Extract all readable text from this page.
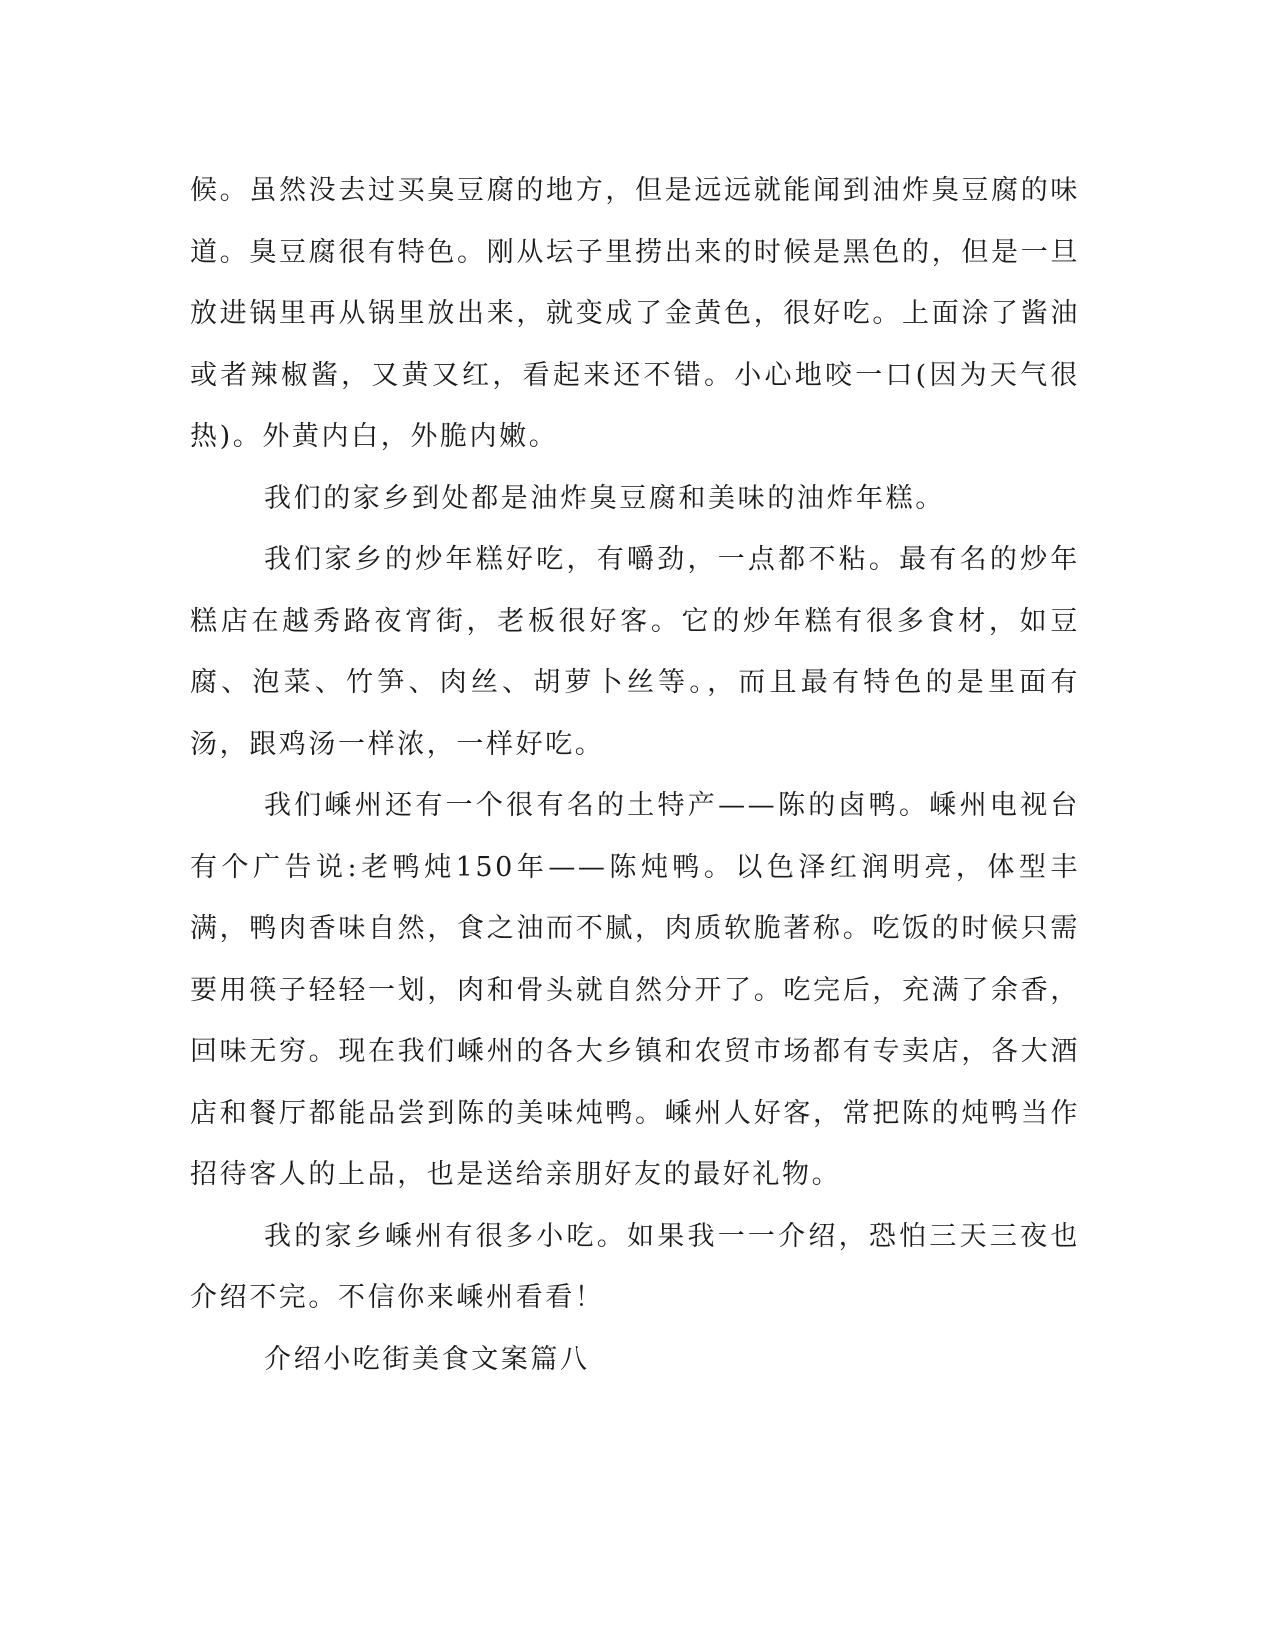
候。虽然没去过买臭豆腐的地方，但是远远就能闻到油炸臭豆腐的味道。臭豆腐很有特色。刚从坛子里捞出来的时候是黑色的，但是一旦放进锅里再从锅里放出来，就变成了金黄色，很好吃。上面涂了酱油或者辣椒酱，又黄又红，看起来还不错。小心地咬一口(因为天气很热)。外黄内白，外脆内嫩。

我们的家乡到处都是油炸臭豆腐和美味的油炸年糕。

我们家乡的炒年糕好吃，有嚼劲，一点都不粘。最有名的炒年糕店在越秀路夜宵街，老板很好客。它的炒年糕有很多食材，如豆腐、泡菜、竹笋、肉丝、胡萝卜丝等。，而且最有特色的是里面有汤，跟鸡汤一样浓，一样好吃。

我们嵊州还有一个很有名的土特产——陈的卤鸭。嵊州电视台有个广告说:老鸭炖150年——陈炖鸭。以色泽红润明亮，体型丰满，鸭肉香味自然，食之油而不腻，肉质软脆著称。吃饭的时候只需要用筷子轻轻一划，肉和骨头就自然分开了。吃完后，充满了余香，回味无穷。现在我们嵊州的各大乡镇和农贸市场都有专卖店，各大酒店和餐厅都能品尝到陈的美味炖鸭。嵊州人好客，常把陈的炖鸭当作招待客人的上品，也是送给亲朋好友的最好礼物。

我的家乡嵊州有很多小吃。如果我一一介绍，恐怕三天三夜也介绍不完。不信你来嵊州看看！

介绍小吃街美食文案篇八
